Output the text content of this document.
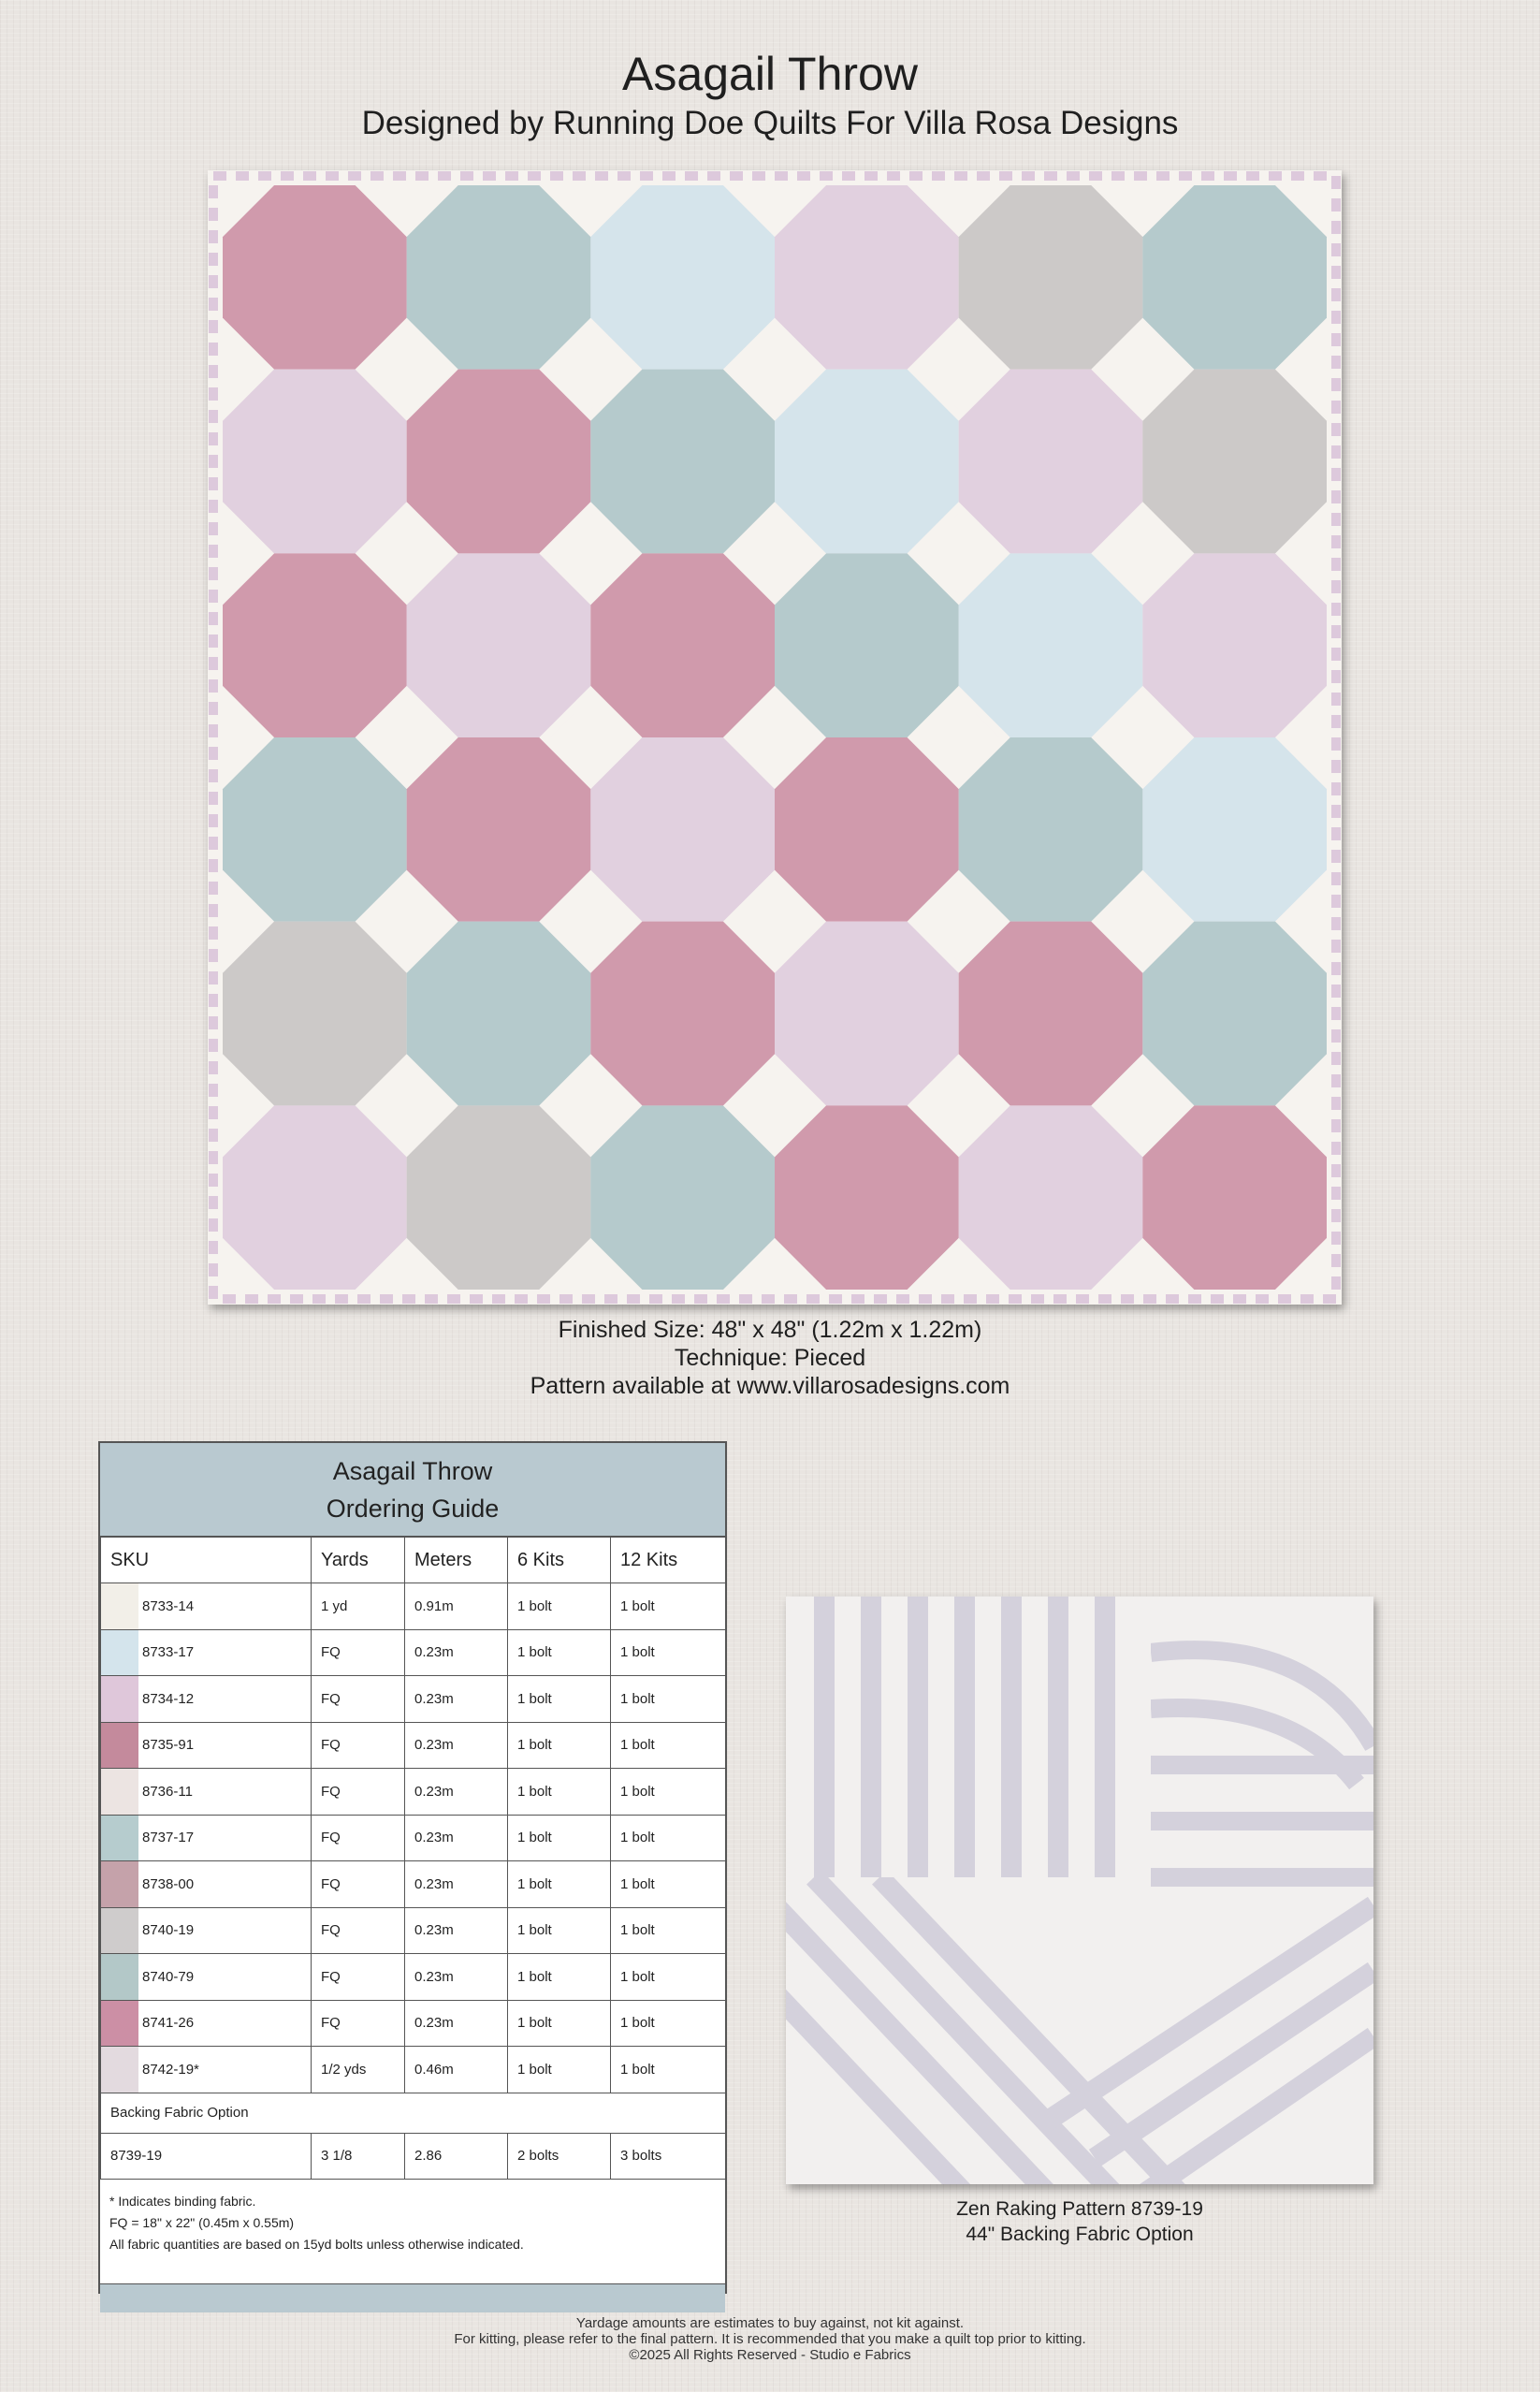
Asagail Throw
Designed by Running Doe Quilts For Villa Rosa Designs
Finished Size: 48" x 48" (1.22m x 1.22m)
Technique: Pieced
Pattern available at www.villarosadesigns.com
Asagail Throw
Ordering Guide
SKU	Yards	Meters	6 Kits	12 Kits

8733-14	1 yd	0.91m	1 bolt	1 bolt

8733-17	FQ	0.23m	1 bolt	1 bolt

8734-12	FQ	0.23m	1 bolt	1 bolt

8735-91	FQ	0.23m	1 bolt	1 bolt

8736-11	FQ	0.23m	1 bolt	1 bolt

8737-17	FQ	0.23m	1 bolt	1 bolt

8738-00	FQ	0.23m	1 bolt	1 bolt

8740-19	FQ	0.23m	1 bolt	1 bolt

8740-79	FQ	0.23m	1 bolt	1 bolt

8741-26	FQ	0.23m	1 bolt	1 bolt

8742-19*	1/2 yds	0.46m	1 bolt	1 bolt
Backing Fabric Option				
8739-19	3 1/8	2.86	2 bolts	3 bolts
* Indicates binding fabric.
FQ = 18" x 22" (0.45m x 0.55m)
All fabric quantities are based on 15yd bolts unless otherwise indicated.
Zen Raking Pattern 8739-19
44" Backing Fabric Option
Yardage amounts are estimates to buy against, not kit against.
For kitting, please refer to the final pattern. It is recommended that you make a quilt top prior to kitting.
©2025 All Rights Reserved - Studio e Fabrics
